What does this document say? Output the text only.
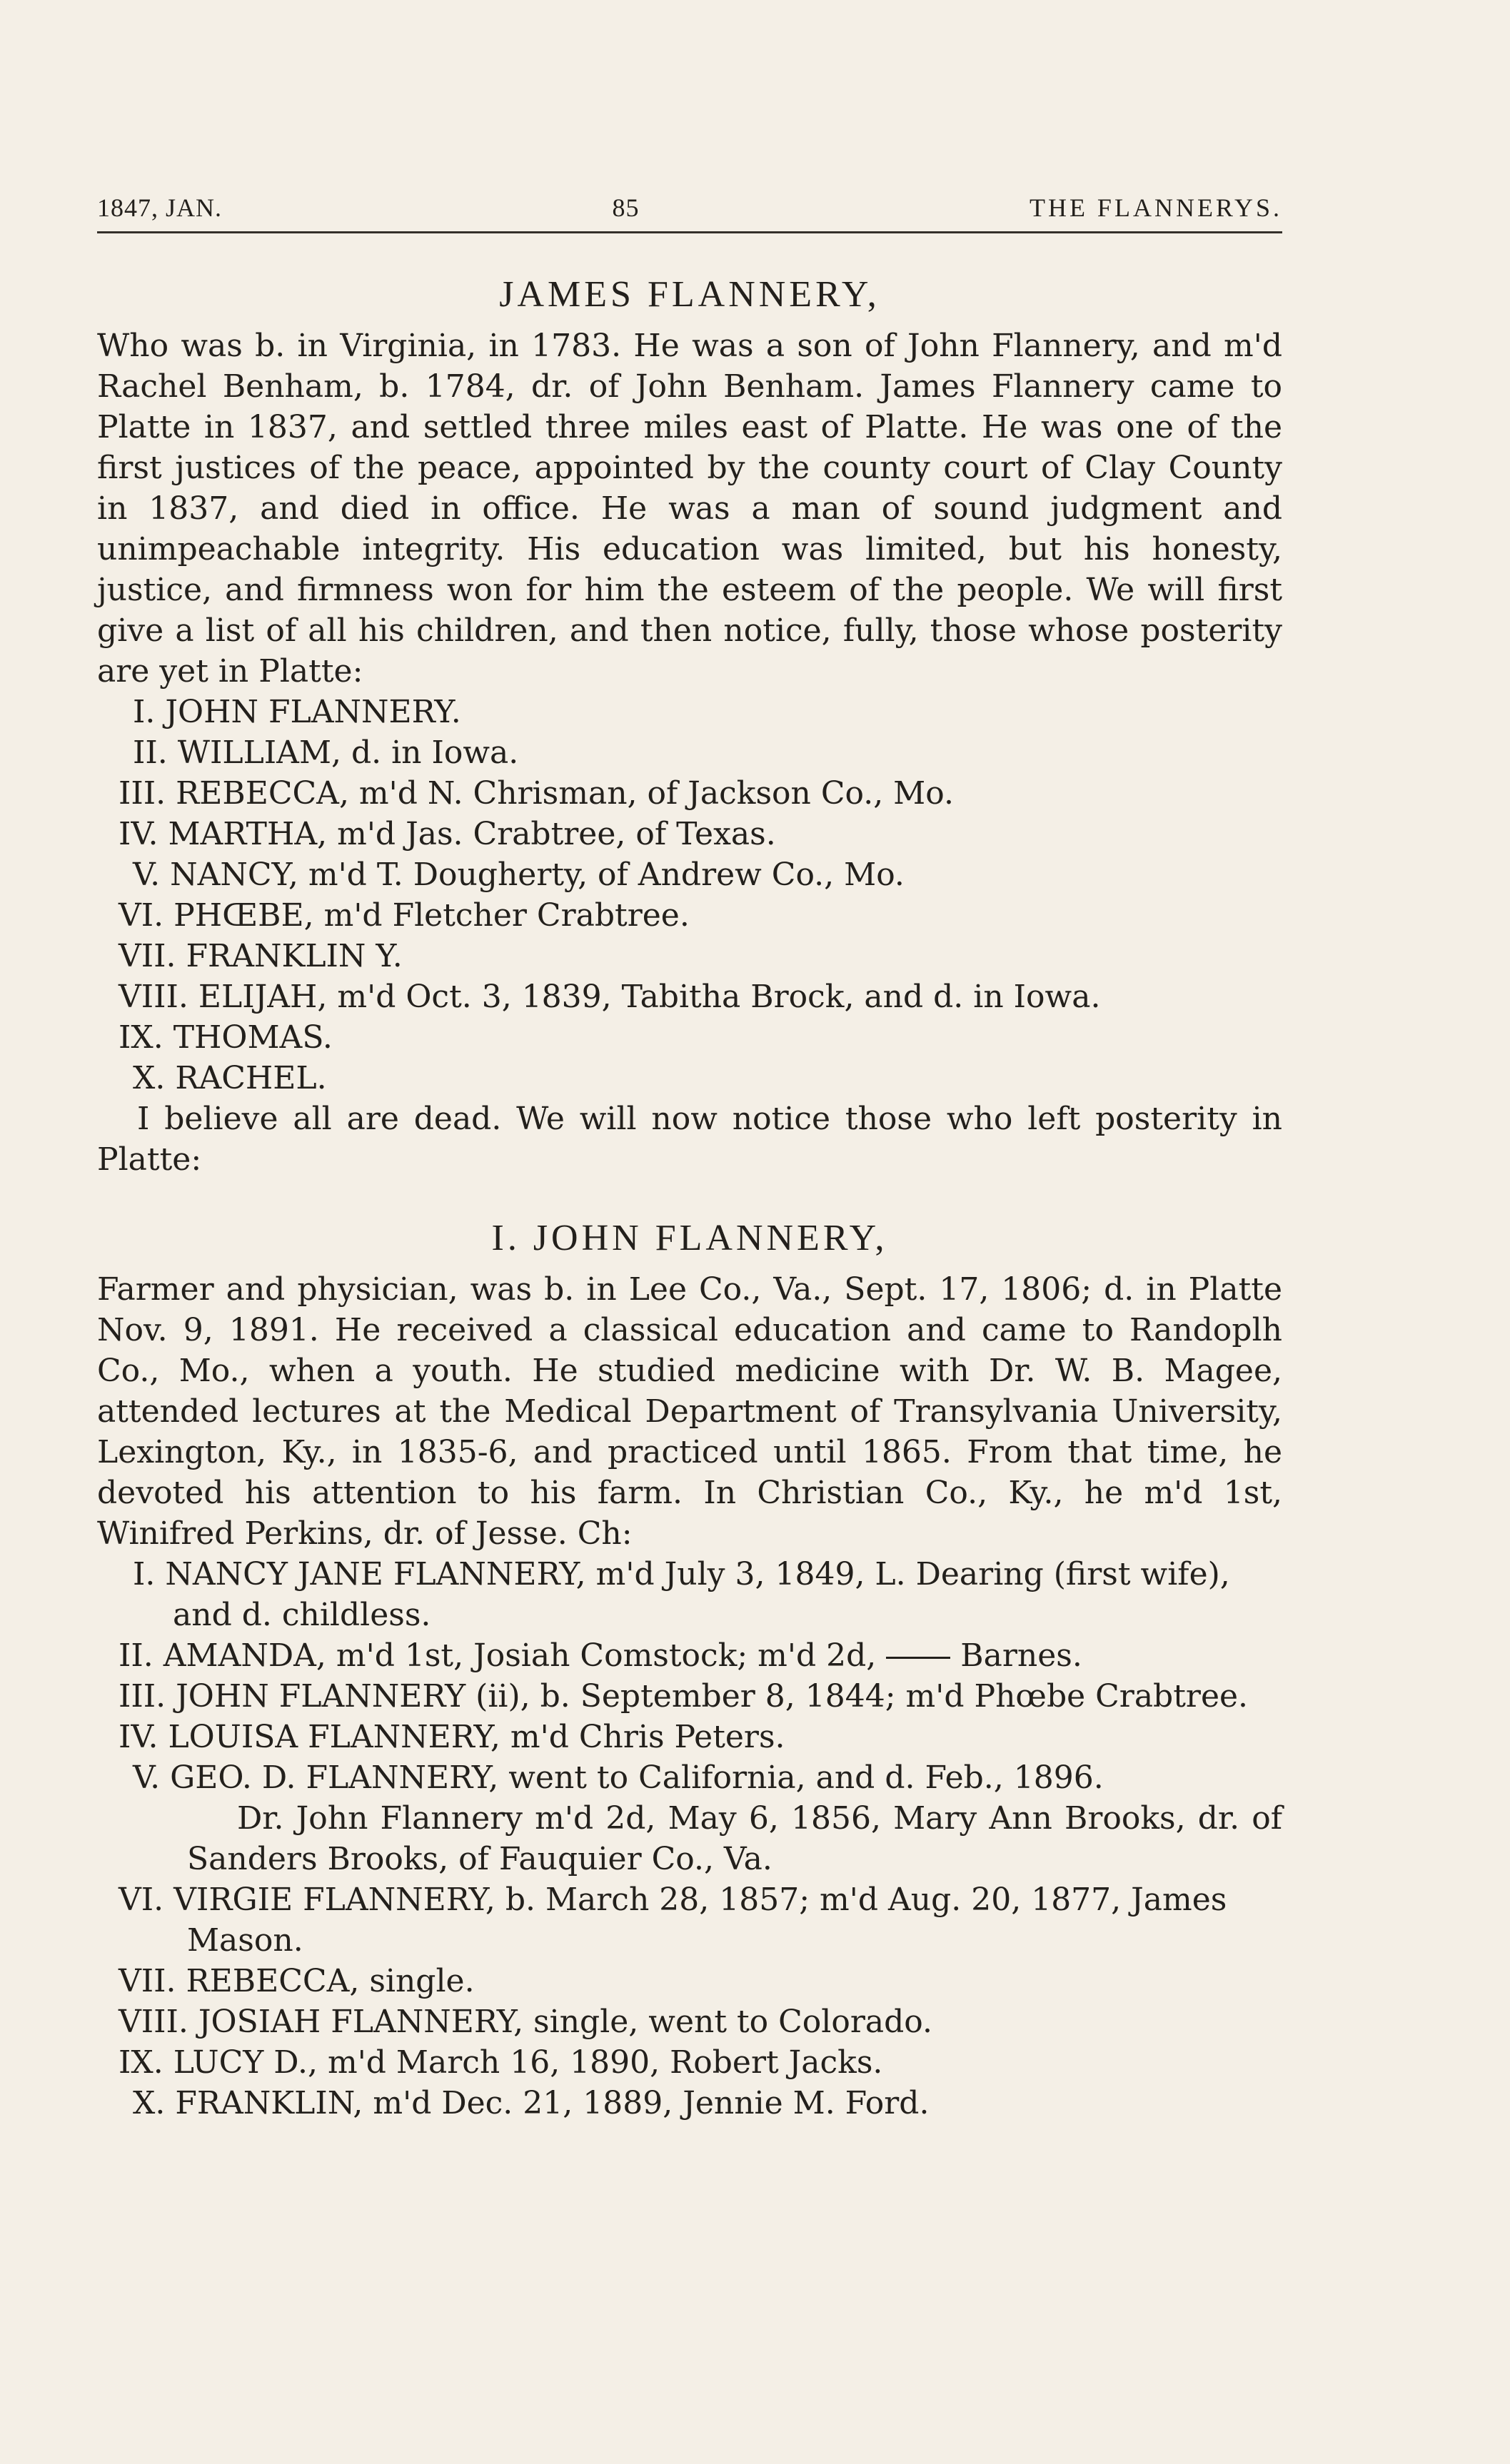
1847, JAN.	85	THE FLANNERYS.
JAMES FLANNERY,

Who was b. in Virginia, in 1783. He was a son of John Flannery, and m'd Rachel Benham, b. 1784, dr. of John Benham. James Flannery came to Platte in 1837, and settled three miles east of Platte. He was one of the first justices of the peace, appointed by the county court of Clay County in 1837, and died in office. He was a man of sound judgment and unimpeachable integrity. His education was limited, but his honesty, justice, and firmness won for him the esteem of the people. We will first give a list of all his children, and then notice, fully, those whose posterity are yet in Platte:

I. JOHN FLANNERY.
II. WILLIAM, d. in Iowa.
III. REBECCA, m'd N. Chrisman, of Jackson Co., Mo.
IV. MARTHA, m'd Jas. Crabtree, of Texas.
V. NANCY, m'd T. Dougherty, of Andrew Co., Mo.
VI. PHŒBE, m'd Fletcher Crabtree.
VII. FRANKLIN Y.
VIII. ELIJAH, m'd Oct. 3, 1839, Tabitha Brock, and d. in Iowa.
IX. THOMAS.
X. RACHEL.

I believe all are dead. We will now notice those who left posterity in Platte:

I. JOHN FLANNERY,

Farmer and physician, was b. in Lee Co., Va., Sept. 17, 1806; d. in Platte Nov. 9, 1891. He received a classical education and came to Randoplh Co., Mo., when a youth. He studied medicine with Dr. W. B. Magee, attended lectures at the Medical Department of Transylvania University, Lexington, Ky., in 1835-6, and practiced until 1865. From that time, he devoted his attention to his farm. In Christian Co., Ky., he m'd 1st, Winifred Perkins, dr. of Jesse. Ch:

I. NANCY JANE FLANNERY, m'd July 3, 1849, L. Dearing (first wife), and d. childless.
II. AMANDA, m'd 1st, Josiah Comstock; m'd 2d,	Barnes.
III. JOHN FLANNERY (ii), b. September 8, 1844; m'd Phœbe Crabtree.
IV. LOUISA FLANNERY, m'd Chris Peters.
V. GEO. D. FLANNERY, went to California, and d. Feb., 1896.

Dr. John Flannery m'd 2d, May 6, 1856, Mary Ann Brooks, dr. of Sanders Brooks, of Fauquier Co., Va.

VI. VIRGIE FLANNERY, b. March 28, 1857; m'd Aug. 20, 1877, James Mason.
VII. REBECCA, single.
VIII. JOSIAH FLANNERY, single, went to Colorado.
IX. LUCY D., m'd March 16, 1890, Robert Jacks.
X. FRANKLIN, m'd Dec. 21, 1889, Jennie M. Ford.
